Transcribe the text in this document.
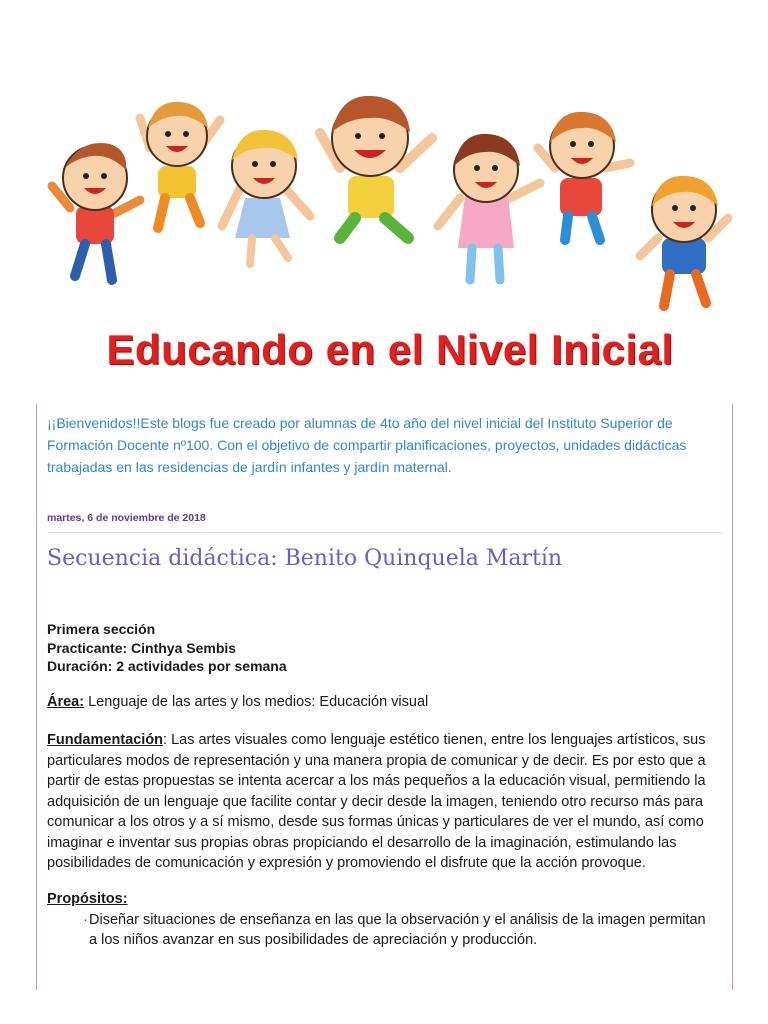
Educando en el Nivel Inicial
¡¡Bienvenidos!!Este blogs fue creado por alumnas de 4to año del nivel inicial del Instituto Superior de Formación Docente nº100. Con el objetivo de compartir planificaciones, proyectos, unidades didácticas trabajadas en las residencias de jardín infantes y jardín maternal.
martes, 6 de noviembre de 2018
Secuencia didáctica: Benito Quinquela Martín
Primera sección
Practicante: Cinthya Sembis
Duración: 2 actividades por semana
Área: Lenguaje de las artes y los medios: Educación visual
Fundamentación: Las artes visuales como lenguaje estético tienen, entre los lenguajes artísticos, sus particulares modos de representación y una manera propia de comunicar y de decir. Es por esto que a partir de estas propuestas se intenta acercar a los más pequeños a la educación visual, permitiendo la adquisición de un lenguaje que facilite contar y decir desde la imagen, teniendo otro recurso más para comunicar a los otros y a sí mismo, desde sus formas únicas y particulares de ver el mundo, así como imaginar e inventar sus propias obras propiciando el desarrollo de la imaginación, estimulando las posibilidades de comunicación y expresión y promoviendo el disfrute que la acción provoque.
Propósitos:
· Diseñar situaciones de enseñanza en las que la observación y el análisis de la imagen permitan a los niños avanzar en sus posibilidades de apreciación y producción.
